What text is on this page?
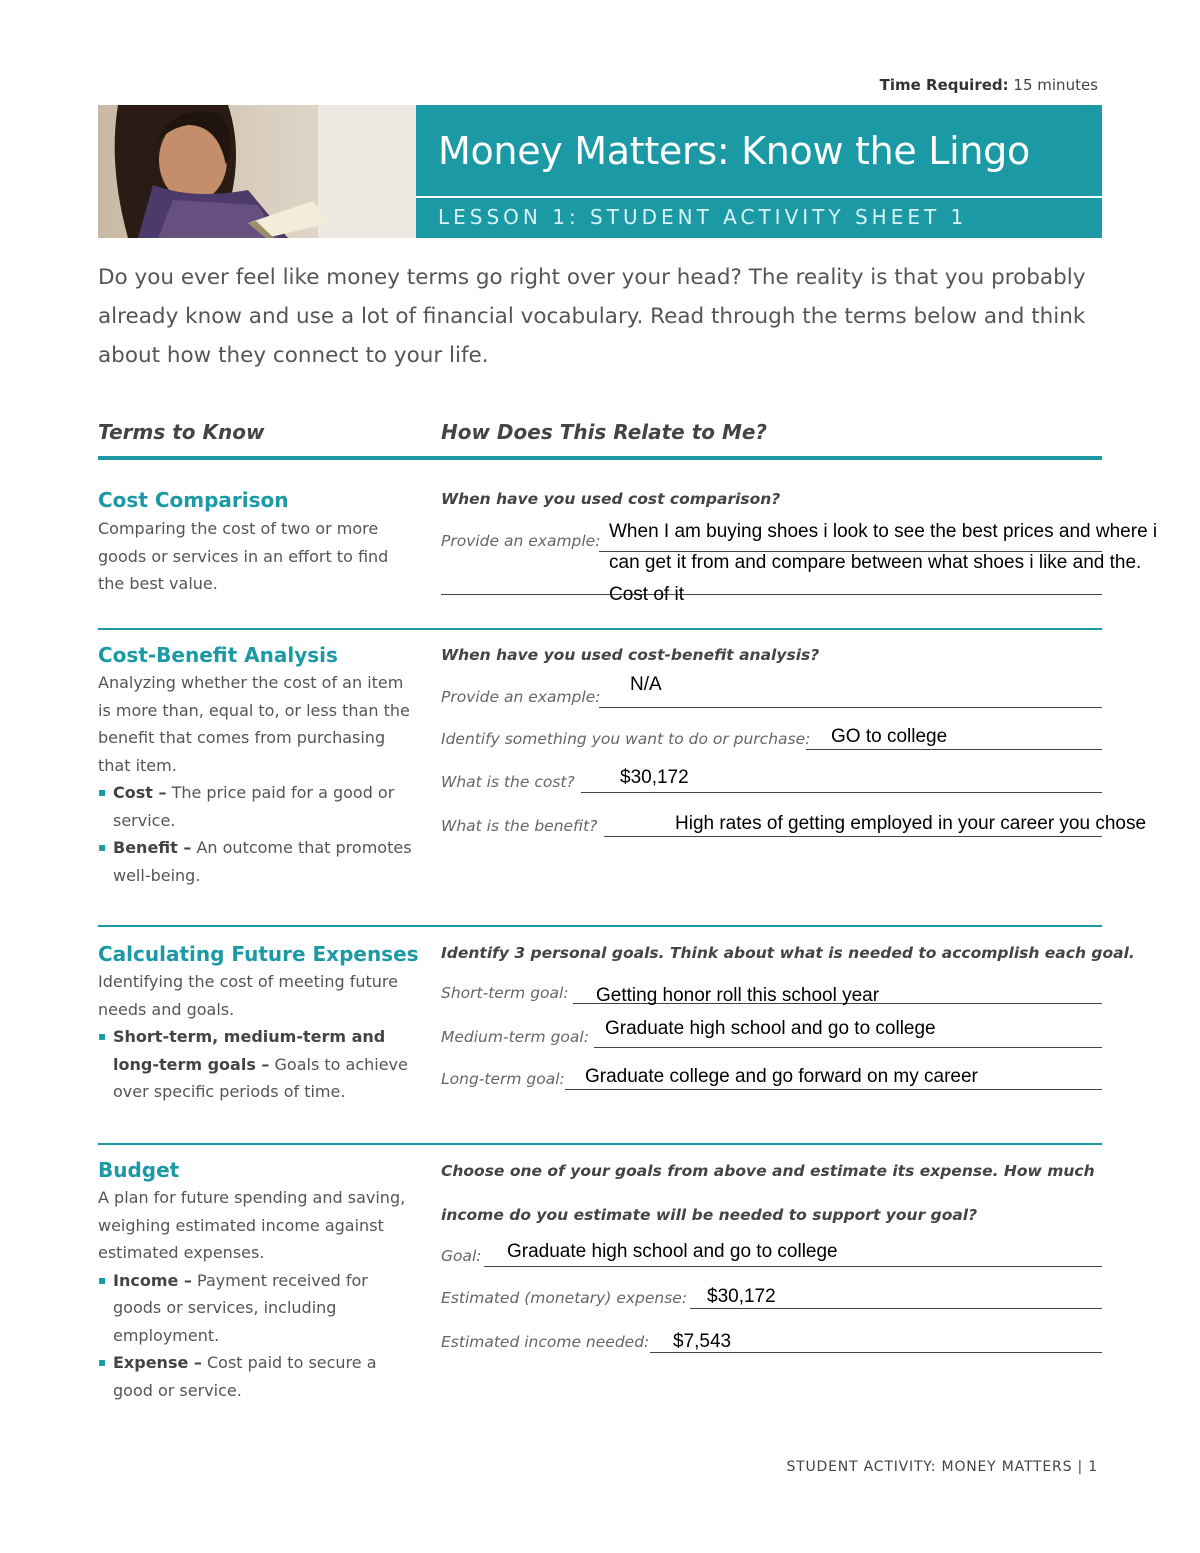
Time Required: 15 minutes
Money Matters: Know the Lingo
LESSON 1: STUDENT ACTIVITY SHEET 1
Do you ever feel like money terms go right over your head? The reality is that you probably already know and use a lot of financial vocabulary. Read through the terms below and think about how they connect to your life.
Terms to Know	How Does This Relate to Me?
Cost Comparison
Comparing the cost of two or more goods or services in an effort to find the best value.
When have you used cost comparison?
Provide an example: When I am buying shoes i look to see the best prices and where i
can get it from and compare between what shoes i like and the.
Cost of it
Cost-Benefit Analysis
Analyzing whether the cost of an item is more than, equal to, or less than the benefit that comes from purchasing that item.
▪ Cost – The price paid for a good or service.
▪ Benefit – An outcome that promotes well-being.
When have you used cost-benefit analysis?
Provide an example:
N/A
Identify something you want to do or purchase: GO to college
What is the cost? $30,172
What is the benefit?	High rates of getting employed in your career you chose
Calculating Future Expenses
Identifying the cost of meeting future needs and goals.
▪ Short-term, medium-term and long-term goals – Goals to achieve over specific periods of time.
Identify 3 personal goals. Think about what is needed to accomplish each goal.
Short-term goal: Getting honor roll this school year
Medium-term goal: Graduate high school and go to college
Long-term goal: Graduate college and go forward on my career
Budget
A plan for future spending and saving, weighing estimated income against estimated expenses.
▪ Income – Payment received for goods or services, including employment.
▪ Expense – Cost paid to secure a good or service.
Choose one of your goals from above and estimate its expense. How much
income do you estimate will be needed to support your goal?
Goal: Graduate high school and go to college
Estimated (monetary) expense: $30,172
Estimated income needed: $7,543
STUDENT ACTIVITY: MONEY MATTERS | 1
